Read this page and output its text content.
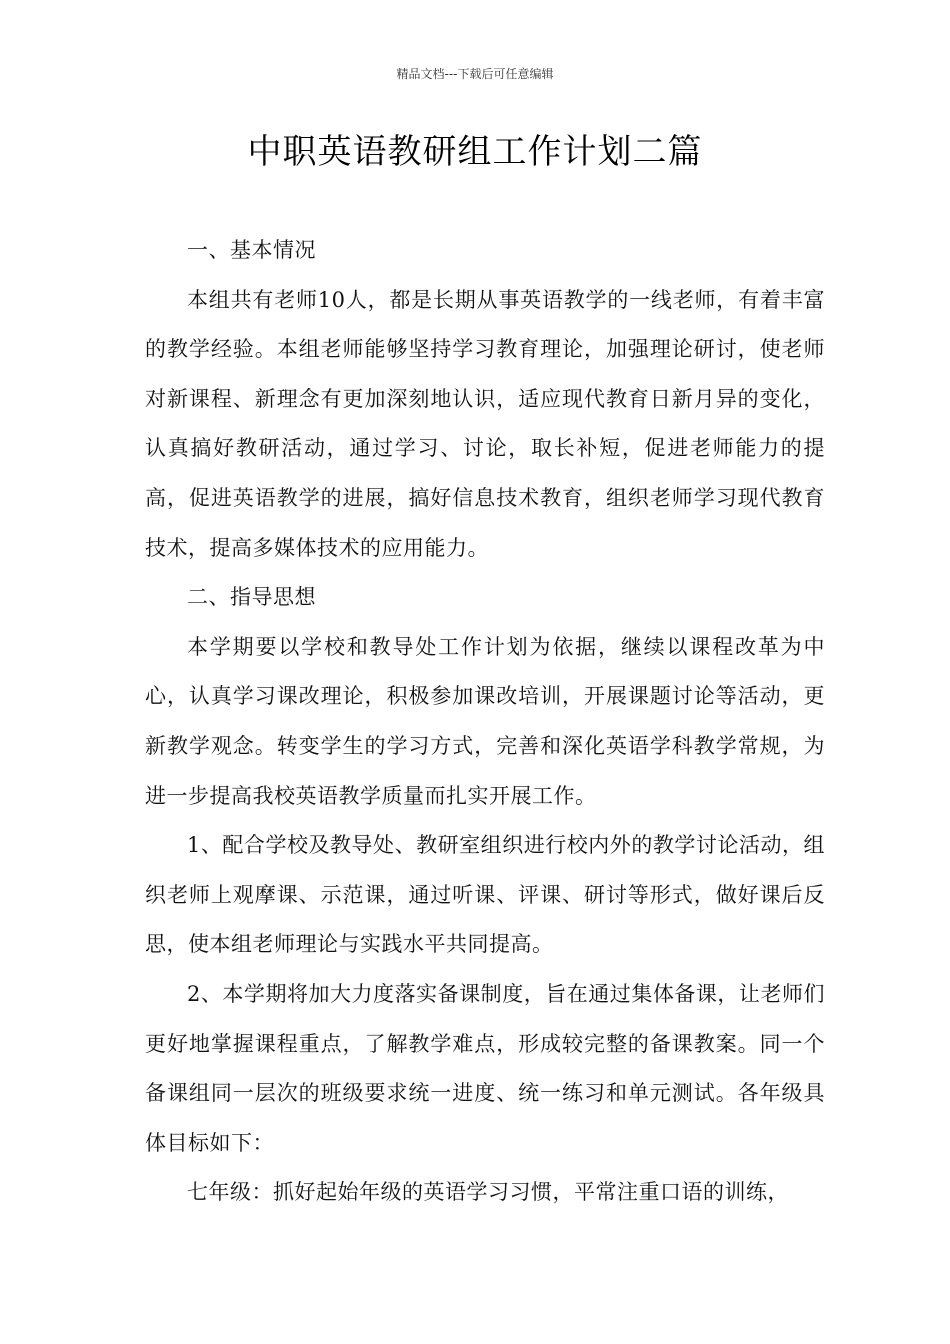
精品文档---下载后可任意编辑
中职英语教研组工作计划二篇

一、基本情况

本组共有老师10人，都是长期从事英语教学的一线老师，有着丰富的教学经验。本组老师能够坚持学习教育理论，加强理论研讨，使老师对新课程、新理念有更加深刻地认识，适应现代教育日新月异的变化，认真搞好教研活动，通过学习、讨论，取长补短，促进老师能力的提高，促进英语教学的进展，搞好信息技术教育，组织老师学习现代教育技术，提高多媒体技术的应用能力。

二、指导思想

本学期要以学校和教导处工作计划为依据，继续以课程改革为中心，认真学习课改理论，积极参加课改培训，开展课题讨论等活动，更新教学观念。转变学生的学习方式，完善和深化英语学科教学常规，为进一步提高我校英语教学质量而扎实开展工作。

1、配合学校及教导处、教研室组织进行校内外的教学讨论活动，组织老师上观摩课、示范课，通过听课、评课、研讨等形式，做好课后反思，使本组老师理论与实践水平共同提高。

2、本学期将加大力度落实备课制度，旨在通过集体备课，让老师们更好地掌握课程重点，了解教学难点，形成较完整的备课教案。同一个备课组同一层次的班级要求统一进度、统一练习和单元测试。各年级具体目标如下：

七年级：抓好起始年级的英语学习习惯，平常注重口语的训练，
